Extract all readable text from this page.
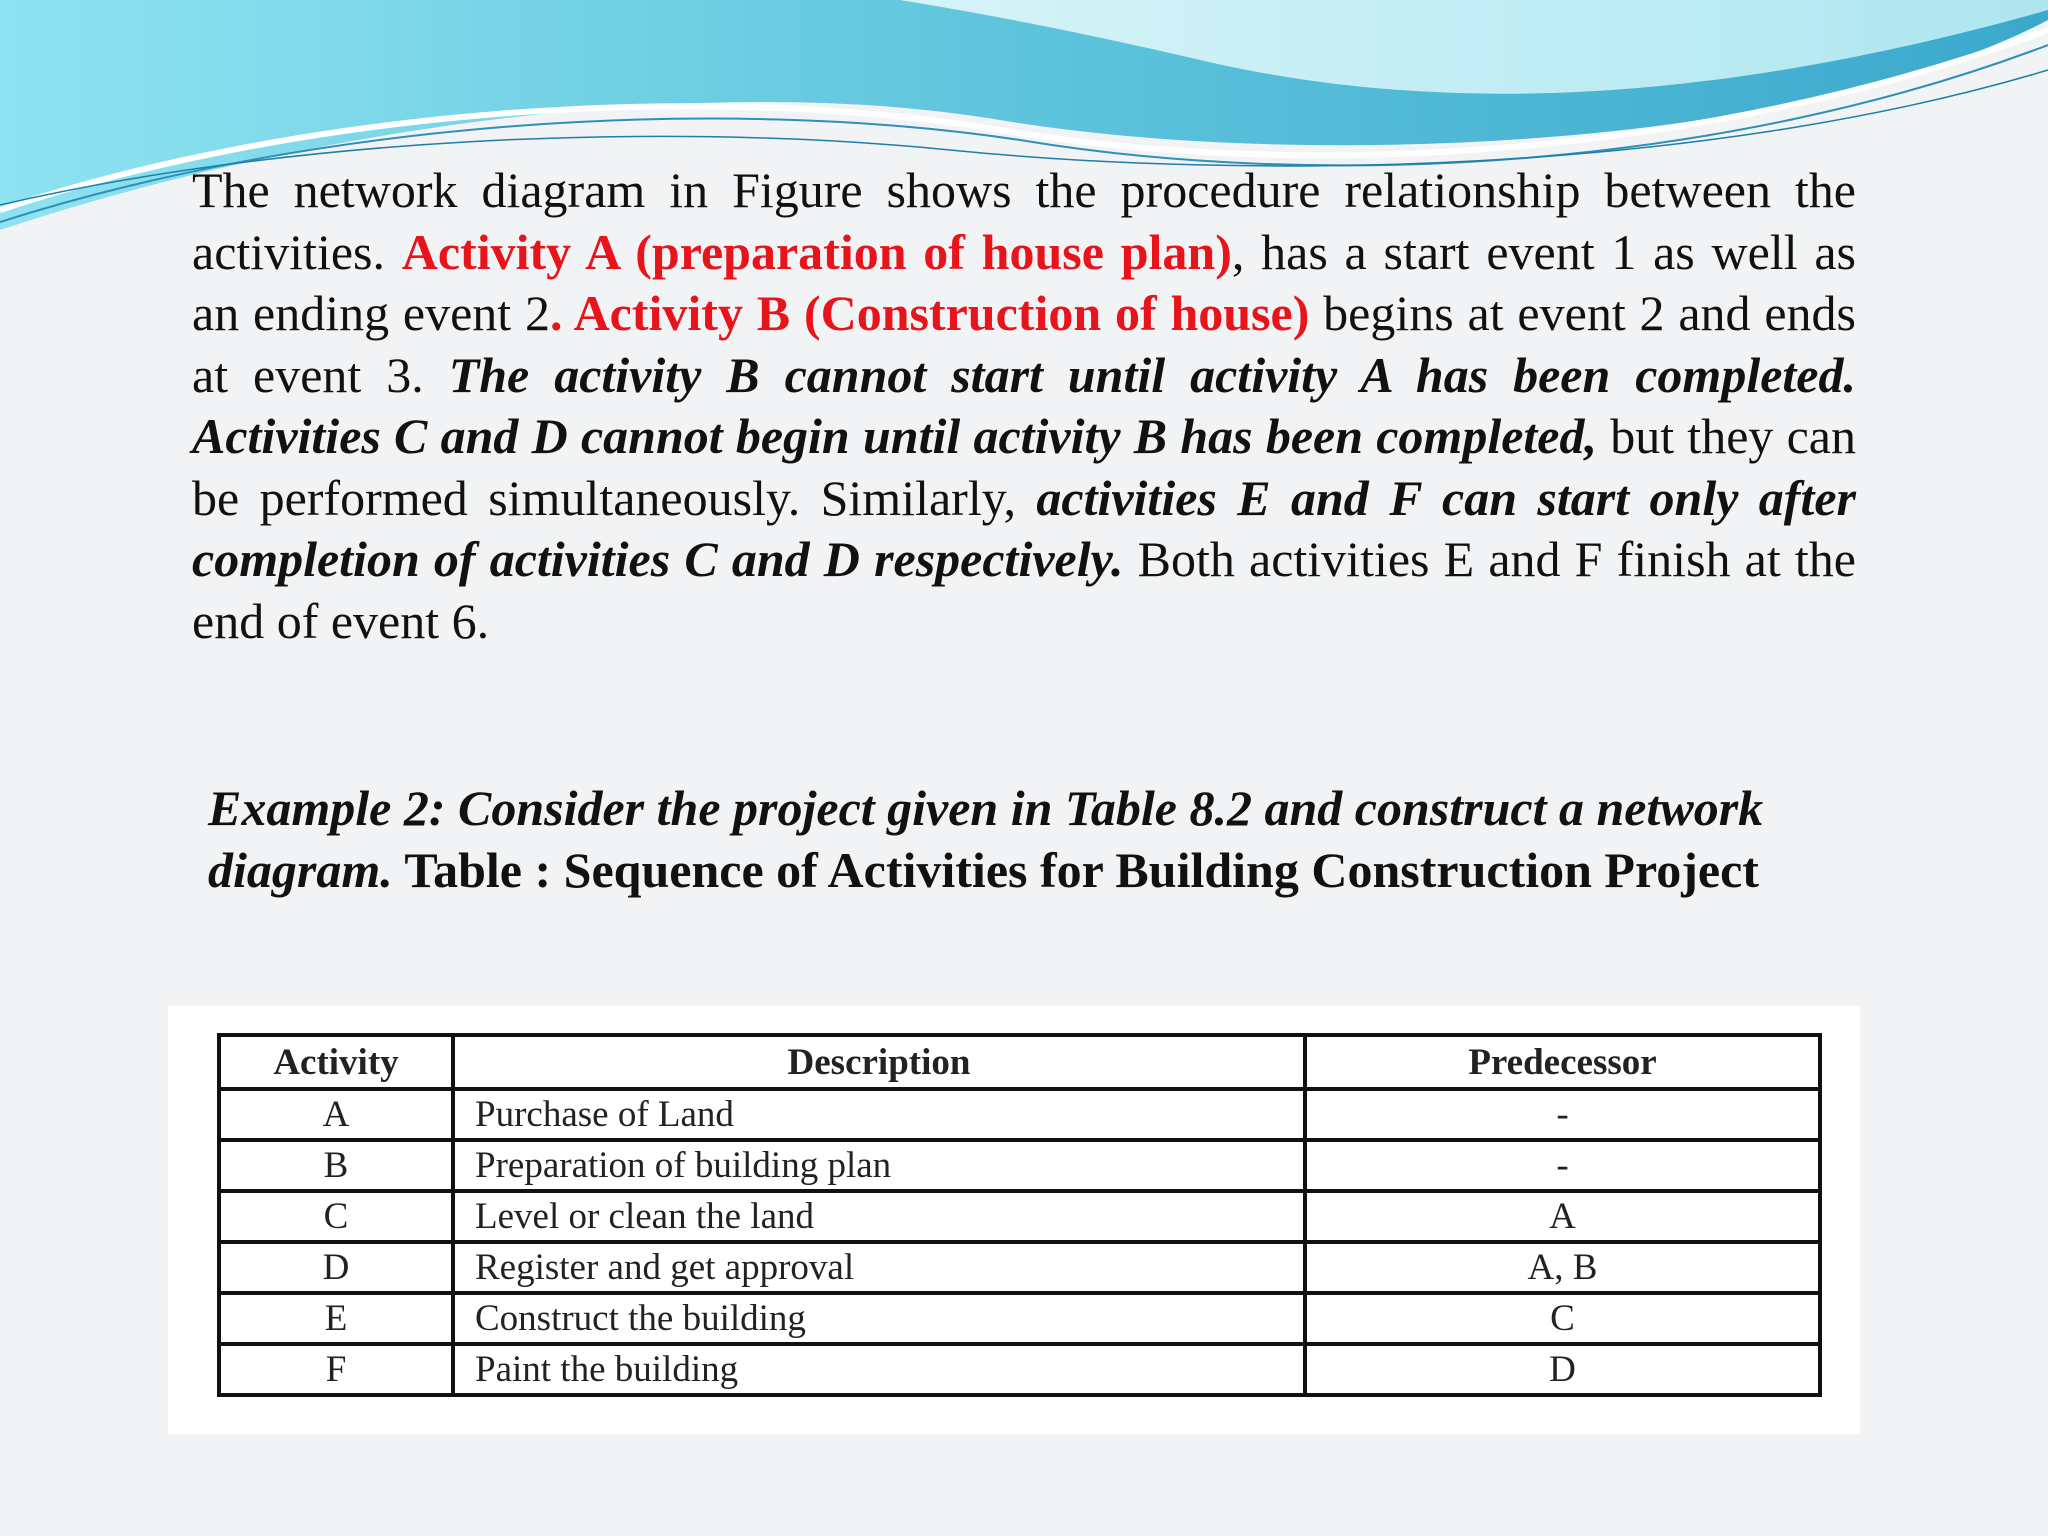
The network diagram in Figure shows the procedure relationship between the activities. Activity A (preparation of house plan), has a start event 1 as well as an ending event 2. Activity B (Construction of house) begins at event 2 and ends at event 3. The activity B cannot start until activity A has been completed. Activities C and D cannot begin until activity B has been completed, but they can be performed simultaneously. Similarly, activities E and F can start only after completion of activities C and D respectively. Both activities E and F finish at the end of event 6.

Example 2: Consider the project given in Table 8.2 and construct a network diagram. Table : Sequence of Activities for Building Construction Project

Activity	Description	Predecessor
A	Purchase of Land	-
B	Preparation of building plan	-
C	Level or clean the land	A
D	Register and get approval	A, B
E	Construct the building	C
F	Paint the building	D
